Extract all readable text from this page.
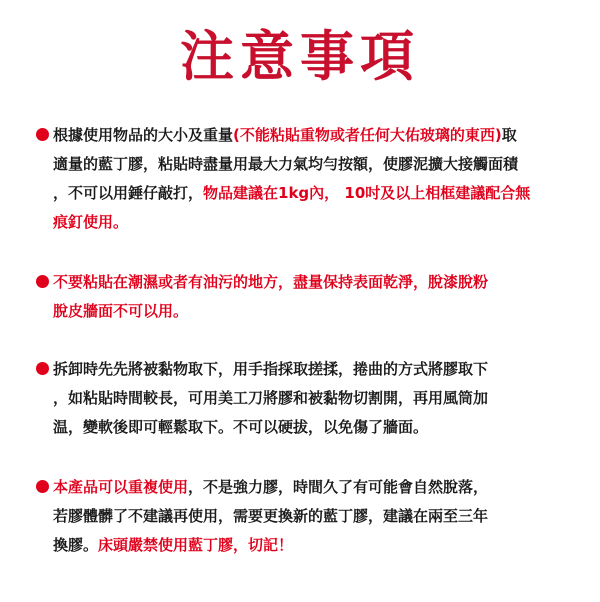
注意事項
根據使用物品的大小及重量(不能粘貼重物或者任何大佑玻璃的東西)取
適量的藍丁膠，粘貼時盡量用最大力氣均勻按額，使膠泥擴大接觸面積
，不可以用錘仔敲打，物品建議在1kg內， 10吋及以上相框建議配合無
痕釘使用。
不要粘貼在潮濕或者有油污的地方，盡量保持表面乾淨，脫漆脫粉
脫皮牆面不可以用。
拆卸時先先將被黏物取下，用手指採取搓揉，捲曲的方式將膠取下
，如粘貼時間較長，可用美工刀將膠和被黏物切割開，再用風筒加
温，變軟後即可輕鬆取下。不可以硬拔，以免傷了牆面。
本產品可以重複使用，不是強力膠，時間久了有可能會自然脫落，
若膠體髒了不建議再使用，需要更換新的藍丁膠，建議在兩至三年
換膠。床頭嚴禁使用藍丁膠，切記！
